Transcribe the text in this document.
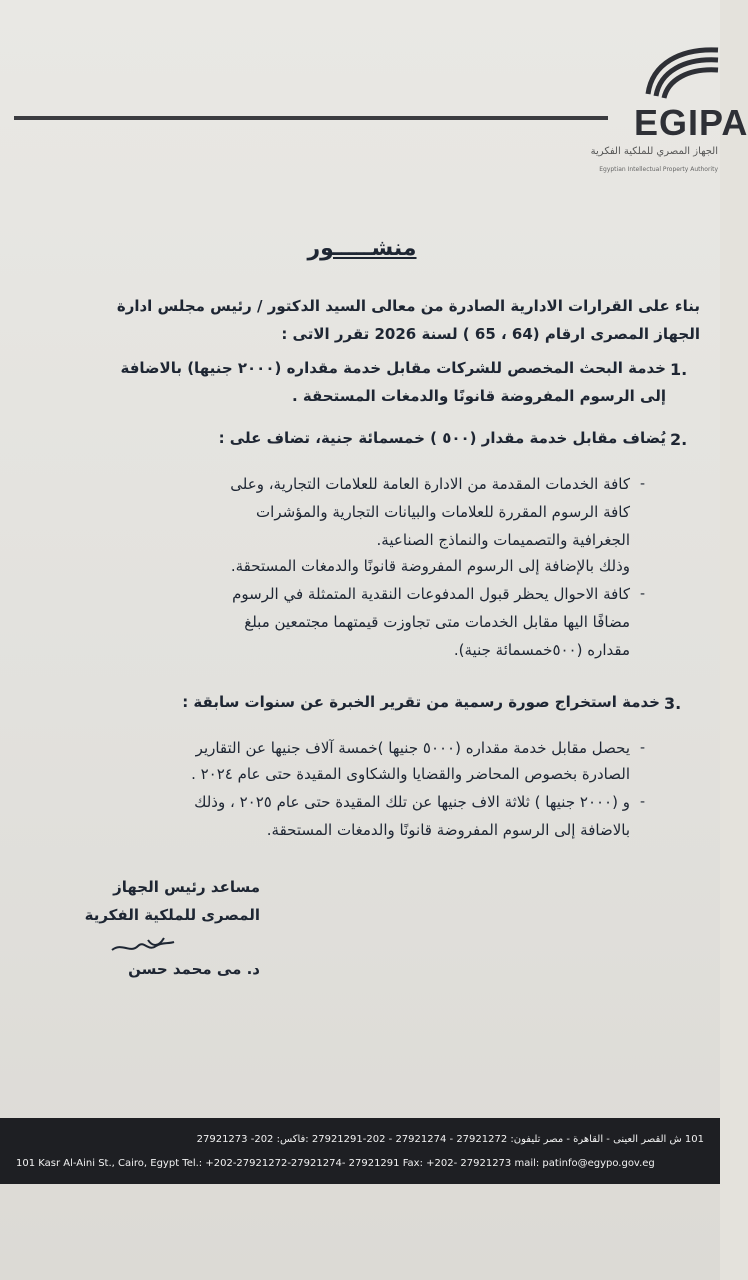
EGIPA
الجهاز المصري للملكية الفكرية
Egyptian Intellectual Property Authority
منشـــــور
بناء على القرارات الادارية الصادرة من معالى السيد الدكتور / رئيس مجلس ادارة
الجهاز المصرى ارقام (64 ، 65 ) لسنة 2026 تقرر الاتى :
1.
خدمة البحث المخصص للشركات مقابل خدمة مقداره (٢٠٠٠ جنيها) بالاضافة
إلى الرسوم المفروضة قانونًا والدمغات المستحقة .
2.
يُضاف مقابل خدمة مقدار (٥٠٠ ) خمسمائة جنية، تضاف على :
-
كافة الخدمات المقدمة من الادارة العامة للعلامات التجارية، وعلى
كافة الرسوم المقررة للعلامات والبيانات التجارية والمؤشرات
الجغرافية والتصميمات والنماذج الصناعية.
وذلك بالإضافة إلى الرسوم المفروضة قانونًا والدمغات المستحقة.
-
كافة الاحوال يحظر قبول المدفوعات النقدية المتمثلة في الرسوم
مضافًا اليها مقابل الخدمات متى تجاوزت قيمتهما مجتمعين مبلغ
مقداره (٥٠٠خمسمائة جنية).
3.
خدمة استخراج صورة رسمية من تقرير الخبرة عن سنوات سابقة :
-
يحصل مقابل خدمة مقداره (٥٠٠٠ جنيها )خمسة آلاف جنيها عن التقارير
الصادرة بخصوص المحاضر والقضايا والشكاوى المقيدة حتى عام ٢٠٢٤ .
-
و (٢٠٠٠ جنيها ) ثلاثة الاف جنيها عن تلك المقيدة حتى عام ٢٠٢٥ ، وذلك
بالاضافة إلى الرسوم المفروضة قانونًا والدمغات المستحقة.
مساعد رئيس الجهاز
المصرى للملكية الفكرية
د. مى محمد حسن
101 ش القصر العينى - القاهرة - مصر تليفون: 27921272 - 27921274 - 202-27921291 :فاكس: 202- 27921273
101 Kasr Al-Aini St., Cairo, Egypt Tel.: +202-27921272-27921274- 27921291 Fax: +202- 27921273 mail: patinfo@egypo.gov.eg
